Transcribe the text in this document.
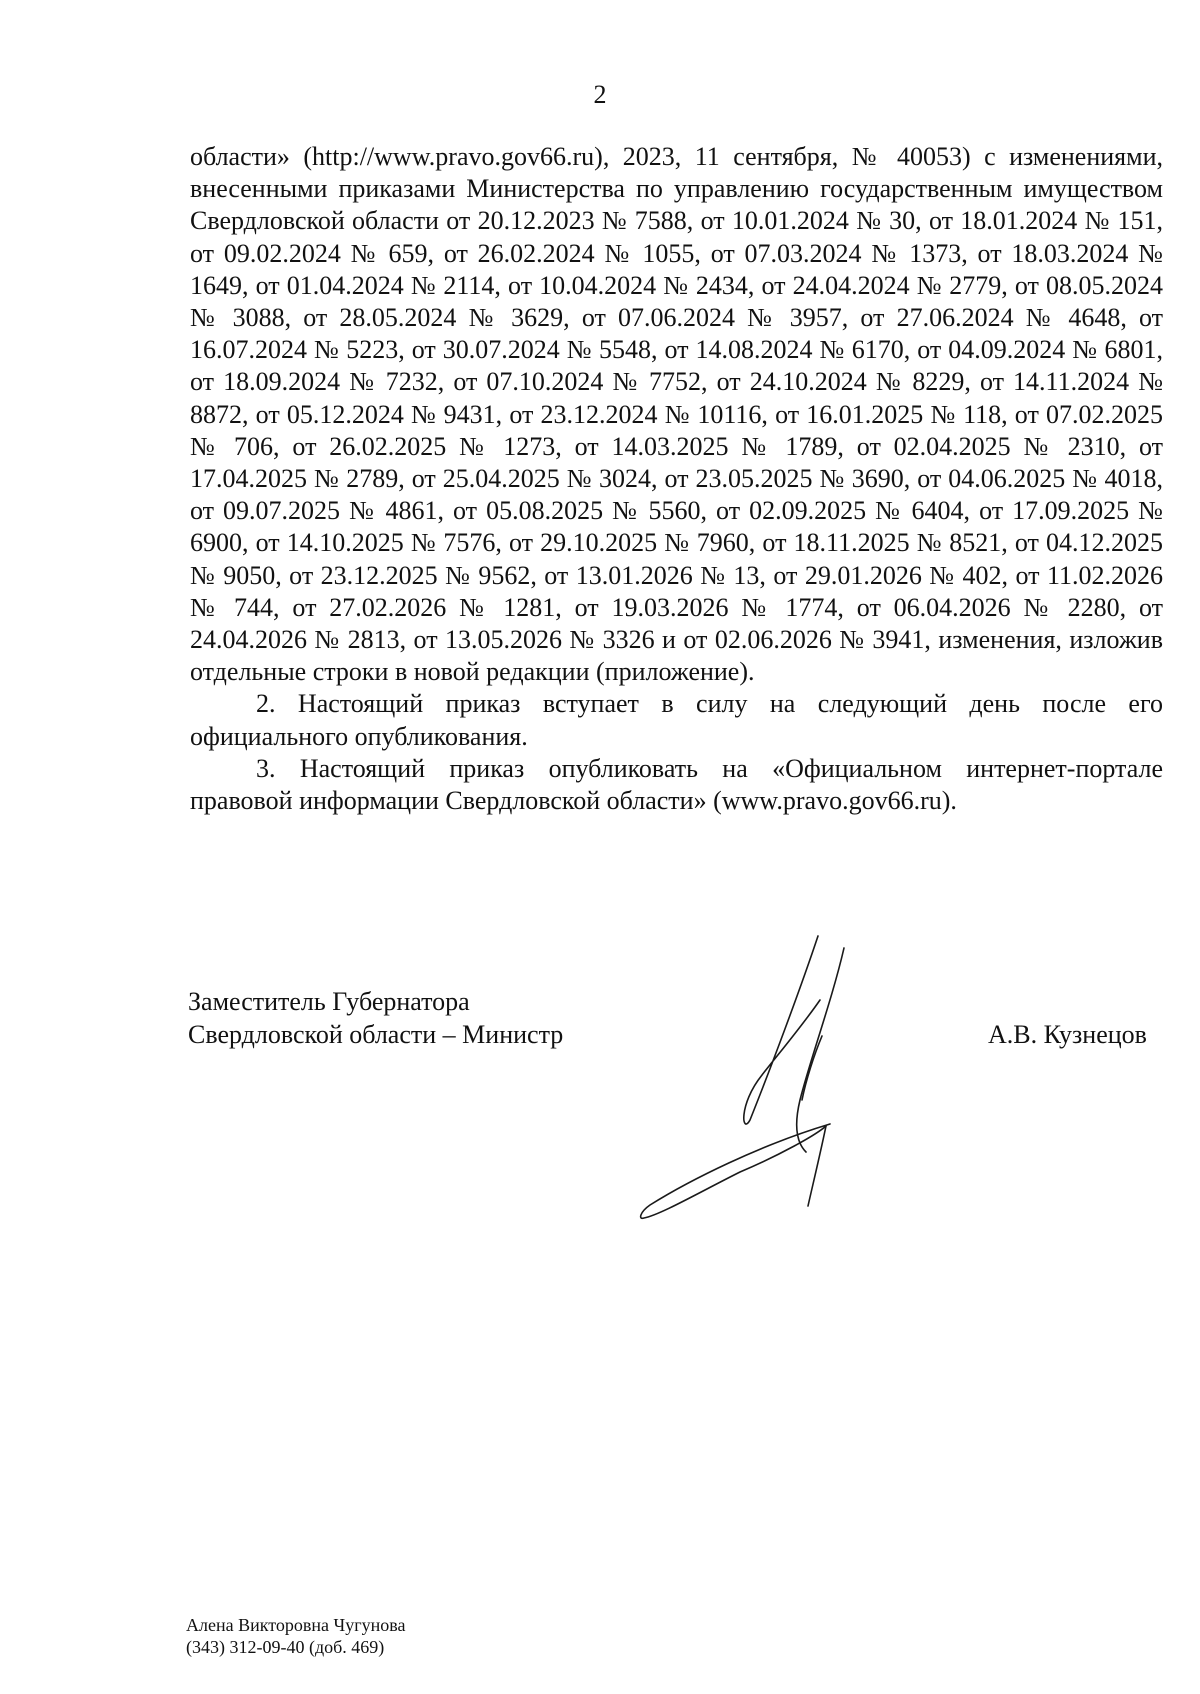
2

области» (http://www.pravo.gov66.ru), 2023, 11 сентября, № 40053) с изменениями, внесенными приказами Министерства по управлению государственным имуществом Свердловской области от 20.12.2023 № 7588, от 10.01.2024 № 30, от 18.01.2024 № 151, от 09.02.2024 № 659, от 26.02.2024 № 1055, от 07.03.2024 № 1373, от 18.03.2024 № 1649, от 01.04.2024 № 2114, от 10.04.2024 № 2434, от 24.04.2024 № 2779, от 08.05.2024 № 3088, от 28.05.2024 № 3629, от 07.06.2024 № 3957, от 27.06.2024 № 4648, от 16.07.2024 № 5223, от 30.07.2024 № 5548, от 14.08.2024 № 6170, от 04.09.2024 № 6801, от 18.09.2024 № 7232, от 07.10.2024 № 7752, от 24.10.2024 № 8229, от 14.11.2024 № 8872, от 05.12.2024 № 9431, от 23.12.2024 № 10116, от 16.01.2025 № 118, от 07.02.2025 № 706, от 26.02.2025 № 1273, от 14.03.2025 № 1789, от 02.04.2025 № 2310, от 17.04.2025 № 2789, от 25.04.2025 № 3024, от 23.05.2025 № 3690, от 04.06.2025 № 4018, от 09.07.2025 № 4861, от 05.08.2025 № 5560, от 02.09.2025 № 6404, от 17.09.2025 № 6900, от 14.10.2025 № 7576, от 29.10.2025 № 7960, от 18.11.2025 № 8521, от 04.12.2025 № 9050, от 23.12.2025 № 9562, от 13.01.2026 № 13, от 29.01.2026 № 402, от 11.02.2026 № 744, от 27.02.2026 № 1281, от 19.03.2026 № 1774, от 06.04.2026 № 2280, от 24.04.2026 № 2813, от 13.05.2026 № 3326 и от 02.06.2026 № 3941, изменения, изложив отдельные строки в новой редакции (приложение).

2. Настоящий приказ вступает в силу на следующий день после его официального опубликования.

3. Настоящий приказ опубликовать на «Официальном интернет-портале правовой информации Свердловской области» (www.pravo.gov66.ru).

Заместитель Губернатора
Свердловской области – Министр	А.В. Кузнецов
Алена Викторовна Чугунова
(343) 312-09-40 (доб. 469)
